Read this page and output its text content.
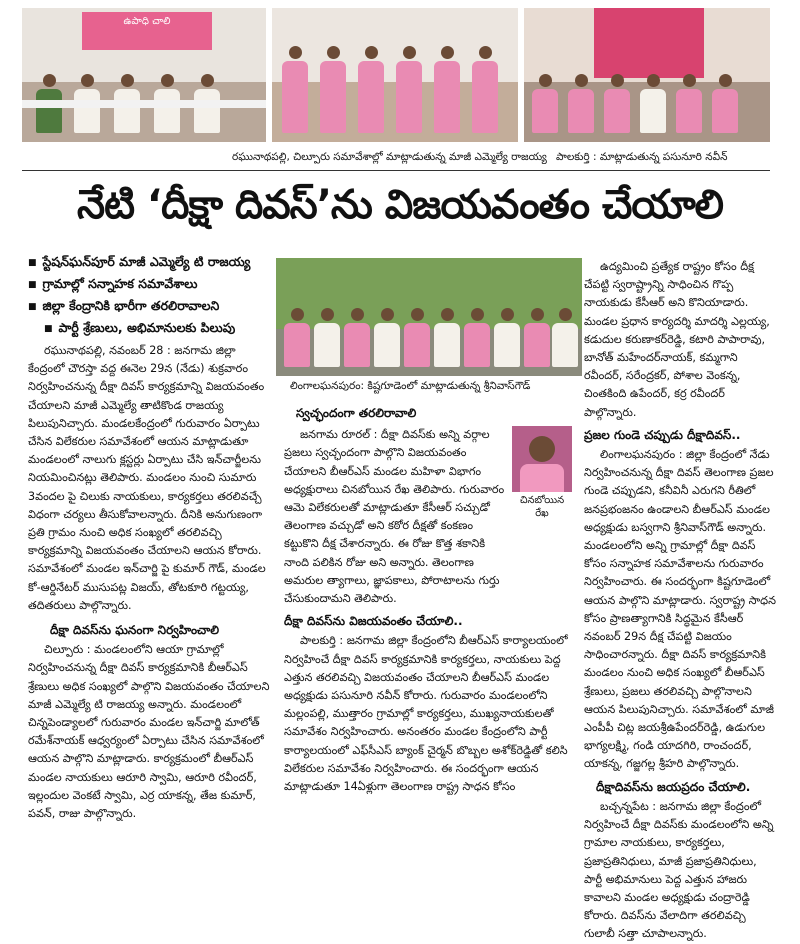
ఉపాధి చాలి
రఘునాథపల్లి, చిల్పూరు సమావేశాల్లో మాట్లాడుతున్న మాజీ ఎమ్మెల్యే రాజయ్య పాలకుర్తి : మాట్లాడుతున్న పసునూరి నవీన్
నేటి ‘దీక్షా దివస్’ను విజయవంతం చేయాలి
■ స్టేషన్‌ఘన్‌పూర్ మాజీ ఎమ్మెల్యే టి రాజయ్య
■ గ్రామాల్లో సన్నాహక సమావేశాలు
■ జిల్లా కేంద్రానికి భారీగా తరలిరావాలని
■ పార్టీ శ్రేణులు, అభిమానులకు పిలుపు

రఘునాథపల్లి, నవంబర్ 28 : జనగామ జిల్లా కేంద్రంలో చౌరస్తా వద్ద ఈనెల 29న (నేడు) శుక్రవారం నిర్వహించనున్న దీక్షా దివస్ కార్యక్రమాన్ని విజయవంతం చేయాలని మాజీ ఎమ్మెల్యే తాటికొండ రాజయ్య పిలుపునిచ్చారు. మండలకేంద్రంలో గురువారం ఏర్పాటు చేసిన విలేకరుల సమావేశంలో ఆయన మాట్లాడుతూ మండలంలో నాలుగు క్లస్టర్లు ఏర్పాటు చేసి ఇన్‌చార్జీలను నియమించినట్లు తెలిపారు. మండలం నుంచి సుమారు 3వందల పై చిలుకు నాయకులు, కార్యకర్తలు తరలివచ్చే విధంగా చర్యలు తీసుకోవాలన్నారు. దీనికి అనుగుణంగా ప్రతి గ్రామం నుంచి అధిక సంఖ్యలో తరలివచ్చి కార్యక్రమాన్ని విజయవంతం చేయాలని ఆయన కోరారు. సమావేశంలో మండల ఇన్‌చార్జి పై కుమార్ గౌడ్, మండల కో-ఆర్డినేటర్ ముసుపట్ల విజయ్, తోటకూరి గట్టయ్య, తదితరులు పాల్గొన్నారు.

దీక్షా దివస్‌ను ఘనంగా నిర్వహించాలి

చిల్పూరు : మండలంలోని ఆయా గ్రామాల్లో నిర్వహించనున్న దీక్షా దివస్ కార్యక్రమానికి బీఆర్ఎస్ శ్రేణులు అధిక సంఖ్యలో పాల్గొని విజయవంతం చేయాలని మాజీ ఎమ్మెల్యే టి రాజయ్య అన్నారు. మండలంలో చిన్నపెండ్యాలలో గురువారం మండల ఇన్‌చార్జి మాలోత్ రమేశ్‌నాయక్ ఆధ్వర్యంలో ఏర్పాటు చేసిన సమావేశంలో ఆయన పాల్గొని మాట్లాడారు. కార్యక్రమంలో బీఆర్ఎస్ మండల నాయకులు ఆరూరి స్వామి, ఆరూరి రవీందర్, ఇల్లందుల వెంకటే స్వామి, ఎర్ర యాకన్న, తేజ కుమార్, పవన్, రాజు పాల్గొన్నారు.

లింగాలఘనపురం: కిష్టగూడెంలో మాట్లాడుతున్న శ్రీనివాస్‌గౌడ్
స్వచ్ఛందంగా తరలిరావాలి
చినబోయిన
రేఖ

జనగామ రూరల్ : దీక్షా దివస్‌కు అన్ని వర్గాల ప్రజలు స్వచ్ఛందంగా పాల్గొని విజయవంతం చేయాలని బీఆర్ఎస్ మండల మహిళా విభాగం అధ్యక్షురాలు చినబోయిన రేఖ తెలిపారు. గురువారం ఆమె విలేకరులతో మాట్లాడుతూ కేసీఆర్ సచ్చుడో తెలంగాణ వచ్చుడో అని కఠోర దీక్షతో కంకణం కట్టుకొని దీక్ష చేశారన్నారు. ఈ రోజు కొత్త శకానికి నాంది పలికిన రోజు అని అన్నారు. తెలంగాణ అమరుల త్యాగాలు, జ్ఞాపకాలు, పోరాటాలను గుర్తు చేసుకుందామని తెలిపారు.

దీక్షా దివస్‌ను విజయవంతం చేయాలి..

పాలకుర్తి : జనగామ జిల్లా కేంద్రంలోని బీఆర్ఎస్ కార్యాలయంలో నిర్వహించే దీక్షా దివస్ కార్యక్రమానికి కార్యకర్తలు, నాయకులు పెద్ద ఎత్తున తరలివచ్చి విజయవంతం చేయాలని బీఆర్ఎస్ మండల అధ్యక్షుడు పసునూరి నవీన్ కోరారు. గురువారం మండలంలోని మల్లంపల్లి, ముత్తారం గ్రామాల్లో కార్యకర్తలు, ముఖ్యనాయకులతో సమావేశం నిర్వహించారు. అనంతరం మండల కేంద్రంలోని పార్టీ కార్యాలయంలో ఎఫ్‌సీఎస్ బ్యాంక్ చైర్మన్ బొబ్బల అశోక్‌రెడ్డితో కలిసి విలేకరుల సమావేశం నిర్వహించారు. ఈ సందర్భంగా ఆయన మాట్లాడుతూ 14ఏళ్లుగా తెలంగాణ రాష్ట్ర సాధన కోసం

ఉద్యమించి ప్రత్యేక రాష్ట్రం కోసం దీక్ష చేపట్టి స్వరాష్ట్రాన్ని సాధించిన గొప్ప నాయకుడు కేసీఆర్ అని కొనియాడారు. మండల ప్రధాన కార్యదర్శి మాదర్శి ఎల్లయ్య, కడుదుల కరుణాకర్‌రెడ్డి, కటారి పాపారావు, బానోత్ మహేందర్‌నాయక్, కమ్మగాని రవీందర్, సరేంద్రకర్, పోశాల వెంకన్న, చింతకింది ఉపేందర్, కర్ర రవీందర్ పాల్గొన్నారు.

ప్రజల గుండె చప్పుడు దీక్షాదివస్..

లింగాలఘనపురం : జిల్లా కేంద్రంలో నేడు నిర్వహించనున్న దీక్షా దివస్ తెలంగాణ ప్రజల గుండె చప్పుడని, కనీవినీ ఎరుగని రీతిలో జనప్రభంజనం ఉండాలని బీఆర్ఎస్ మండల అధ్యక్షుడు బస్వగాని శ్రీనివాస్‌గౌడ్ అన్నారు. మండలంలోని అన్ని గ్రామాల్లో దీక్షా దివస్ కోసం సన్నాహక సమావేశాలను గురువారం నిర్వహించారు. ఈ సందర్భంగా కిష్టగూడెంలో ఆయన పాల్గొని మాట్లాడారు. స్వరాష్ట్ర సాధన కోసం ప్రాణత్యాగానికి సిద్ధమైన కేసీఆర్ నవంబర్ 29న దీక్ష చేపట్టి విజయం సాధించారన్నారు. దీక్షా దివస్ కార్యక్రమానికి మండలం నుంచి అధిక సంఖ్యలో బీఆర్ఎస్ శ్రేణులు, ప్రజలు తరలివచ్చి పాల్గొనాలని ఆయన పిలుపునిచ్చారు. సమావేశంలో మాజీ ఎంపీపీ చిట్ల జయశ్రీఉపేందర్‌రెడ్డి, ఉడుగుల భాగ్యలక్ష్మి, గండి యాదగిరి, రాంచందర్, యాకన్న, గజ్జగల్ల శ్రీహరి పాల్గొన్నారు.

దీక్షాదివస్‌ను జయప్రదం చేయాలి.

బచ్చన్నపేట : జనగామ జిల్లా కేంద్రంలో నిర్వహించే దీక్షా దివస్‌కు మండలంలోని అన్ని గ్రామాల నాయకులు, కార్యకర్తలు, ప్రజాప్రతినిధులు, మాజీ ప్రజాప్రతినిధులు, పార్టీ అభిమానులు పెద్ద ఎత్తున హాజరు కావాలని మండల అధ్యక్షుడు చంద్రారెడ్డి కోరారు. దివస్‌ను వేలాదిగా తరలివచ్చి గులాబీ సత్తా చూపాలన్నారు.
